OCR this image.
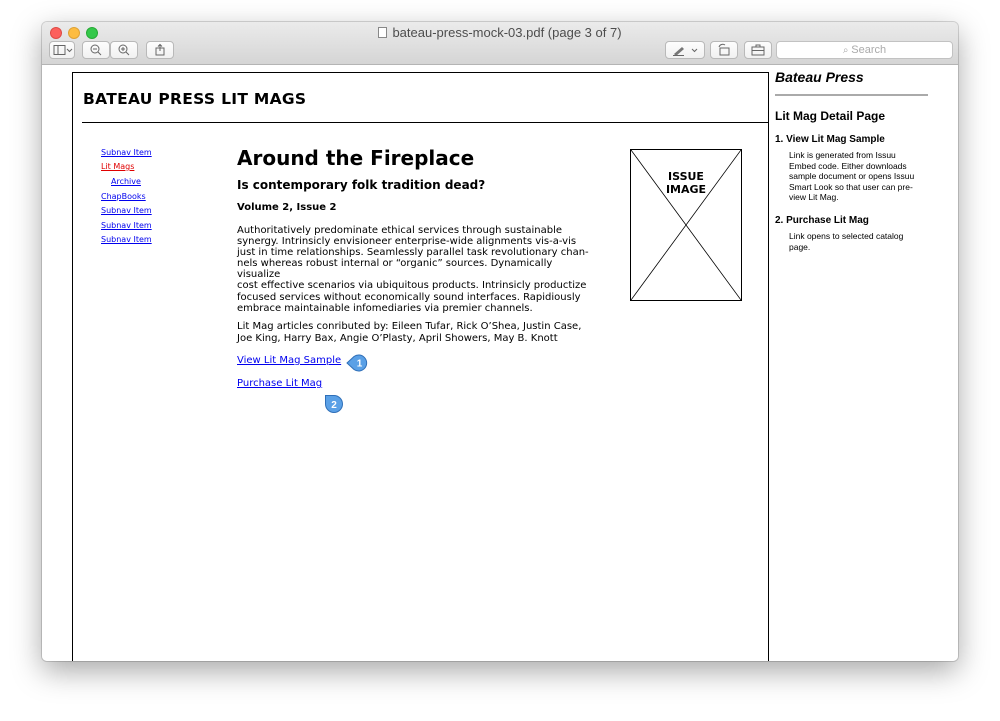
bateau-press-mock-03.pdf (page 3 of 7)
⌕ Search
BATEAU PRESS LIT MAGS
Subnav Item
Lit Mags
Archive
ChapBooks
Subnav Item
Subnav Item
Subnav Item
Around the Fireplace
Is contemporary folk tradition dead?
Volume 2, Issue 2
Authoritatively predominate ethical services through sustainable
synergy. Intrinsicly envisioneer enterprise-wide alignments vis-a-vis
just in time relationships. Seamlessly parallel task revolutionary chan-
nels whereas robust internal or “organic” sources. Dynamically visualize
cost effective scenarios via ubiquitous products. Intrinsicly productize
focused services without economically sound interfaces. Rapidiously
embrace maintainable infomediaries via premier channels.
Lit Mag articles conributed by: Eileen Tufar, Rick O’Shea, Justin Case,
Joe King, Harry Bax, Angie O’Plasty, April Showers, May B. Knott
View Lit Mag Sample
Purchase Lit Mag
1
2
ISSUE
IMAGE
Bateau Press
Lit Mag Detail Page
1. View Lit Mag Sample
Link is generated from Issuu
Embed code. Either downloads
sample document or opens Issuu
Smart Look so that user can pre-
view Lit Mag.
2. Purchase Lit Mag
Link opens to selected catalog
page.
